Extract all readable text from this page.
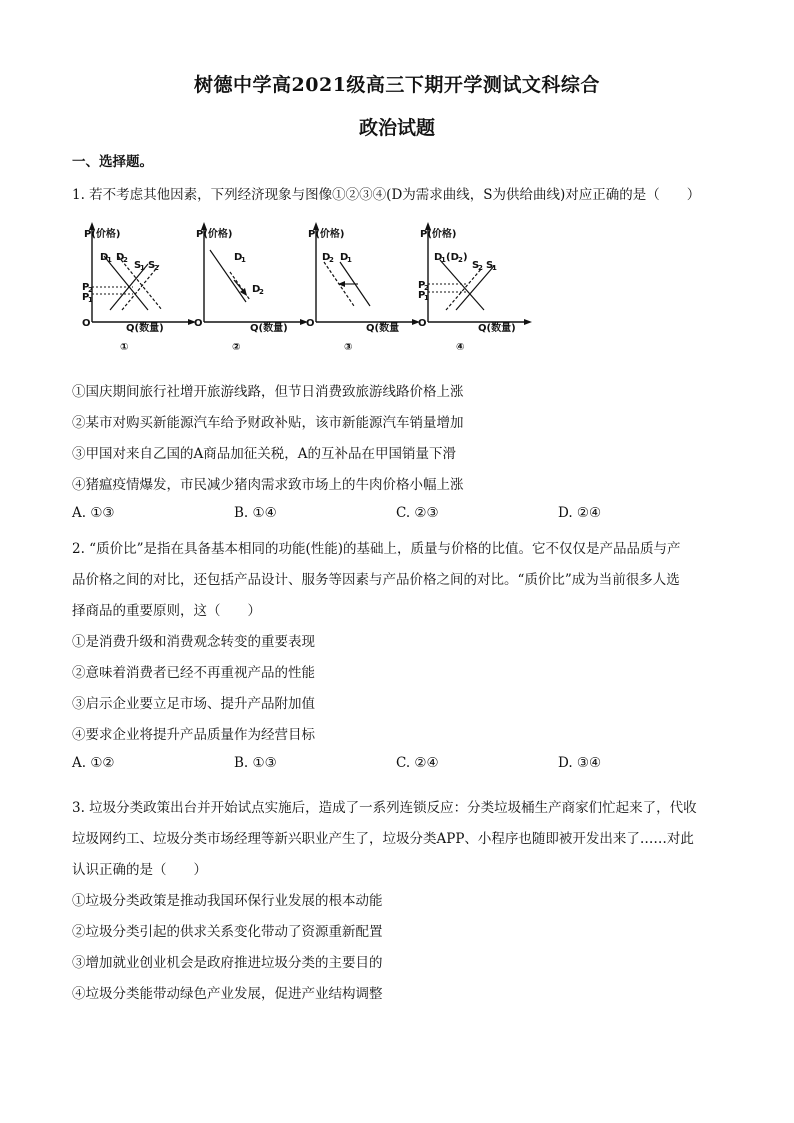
树德中学高2021级高三下期开学测试文科综合
政治试题
一、选择题。
1. 若不考虑其他因素，下列经济现象与图像①②③④(D为需求曲线，S为供给曲线)对应正确的是（　　）
P(价格)
Q(数量)
O
D
1 D
2 S
1 S
2
P
2
P
1
①
P(价格)
Q(数量)
O
D
1
D
2
②
P(价格)
Q(数量
O
D
2 D
1
③
P(价格)
Q(数量)
O
D
1 (D 2 )
S
2 S
1
P
2
P
1
④
①国庆期间旅行社增开旅游线路，但节日消费致旅游线路价格上涨
②某市对购买新能源汽车给予财政补贴，该市新能源汽车销量增加
③甲国对来自乙国的A商品加征关税，A的互补品在甲国销量下滑
④猪瘟疫情爆发，市民减少猪肉需求致市场上的牛肉价格小幅上涨
A. ①③	B. ①④	C. ②③	D. ②④
2. “质价比”是指在具备基本相同的功能(性能)的基础上，质量与价格的比值。它不仅仅是产品品质与产
品价格之间的对比，还包括产品设计、服务等因素与产品价格之间的对比。“质价比”成为当前很多人选
择商品的重要原则，这（　　）
①是消费升级和消费观念转变的重要表现
②意味着消费者已经不再重视产品的性能
③启示企业要立足市场、提升产品附加值
④要求企业将提升产品质量作为经营目标
A. ①②	B. ①③	C. ②④	D. ③④
3. 垃圾分类政策出台并开始试点实施后，造成了一系列连锁反应：分类垃圾桶生产商家们忙起来了，代收
垃圾网约工、垃圾分类市场经理等新兴职业产生了，垃圾分类APP、小程序也随即被开发出来了……对此
认识正确的是（　　）
①垃圾分类政策是推动我国环保行业发展的根本动能
②垃圾分类引起的供求关系变化带动了资源重新配置
③增加就业创业机会是政府推进垃圾分类的主要目的
④垃圾分类能带动绿色产业发展，促进产业结构调整
